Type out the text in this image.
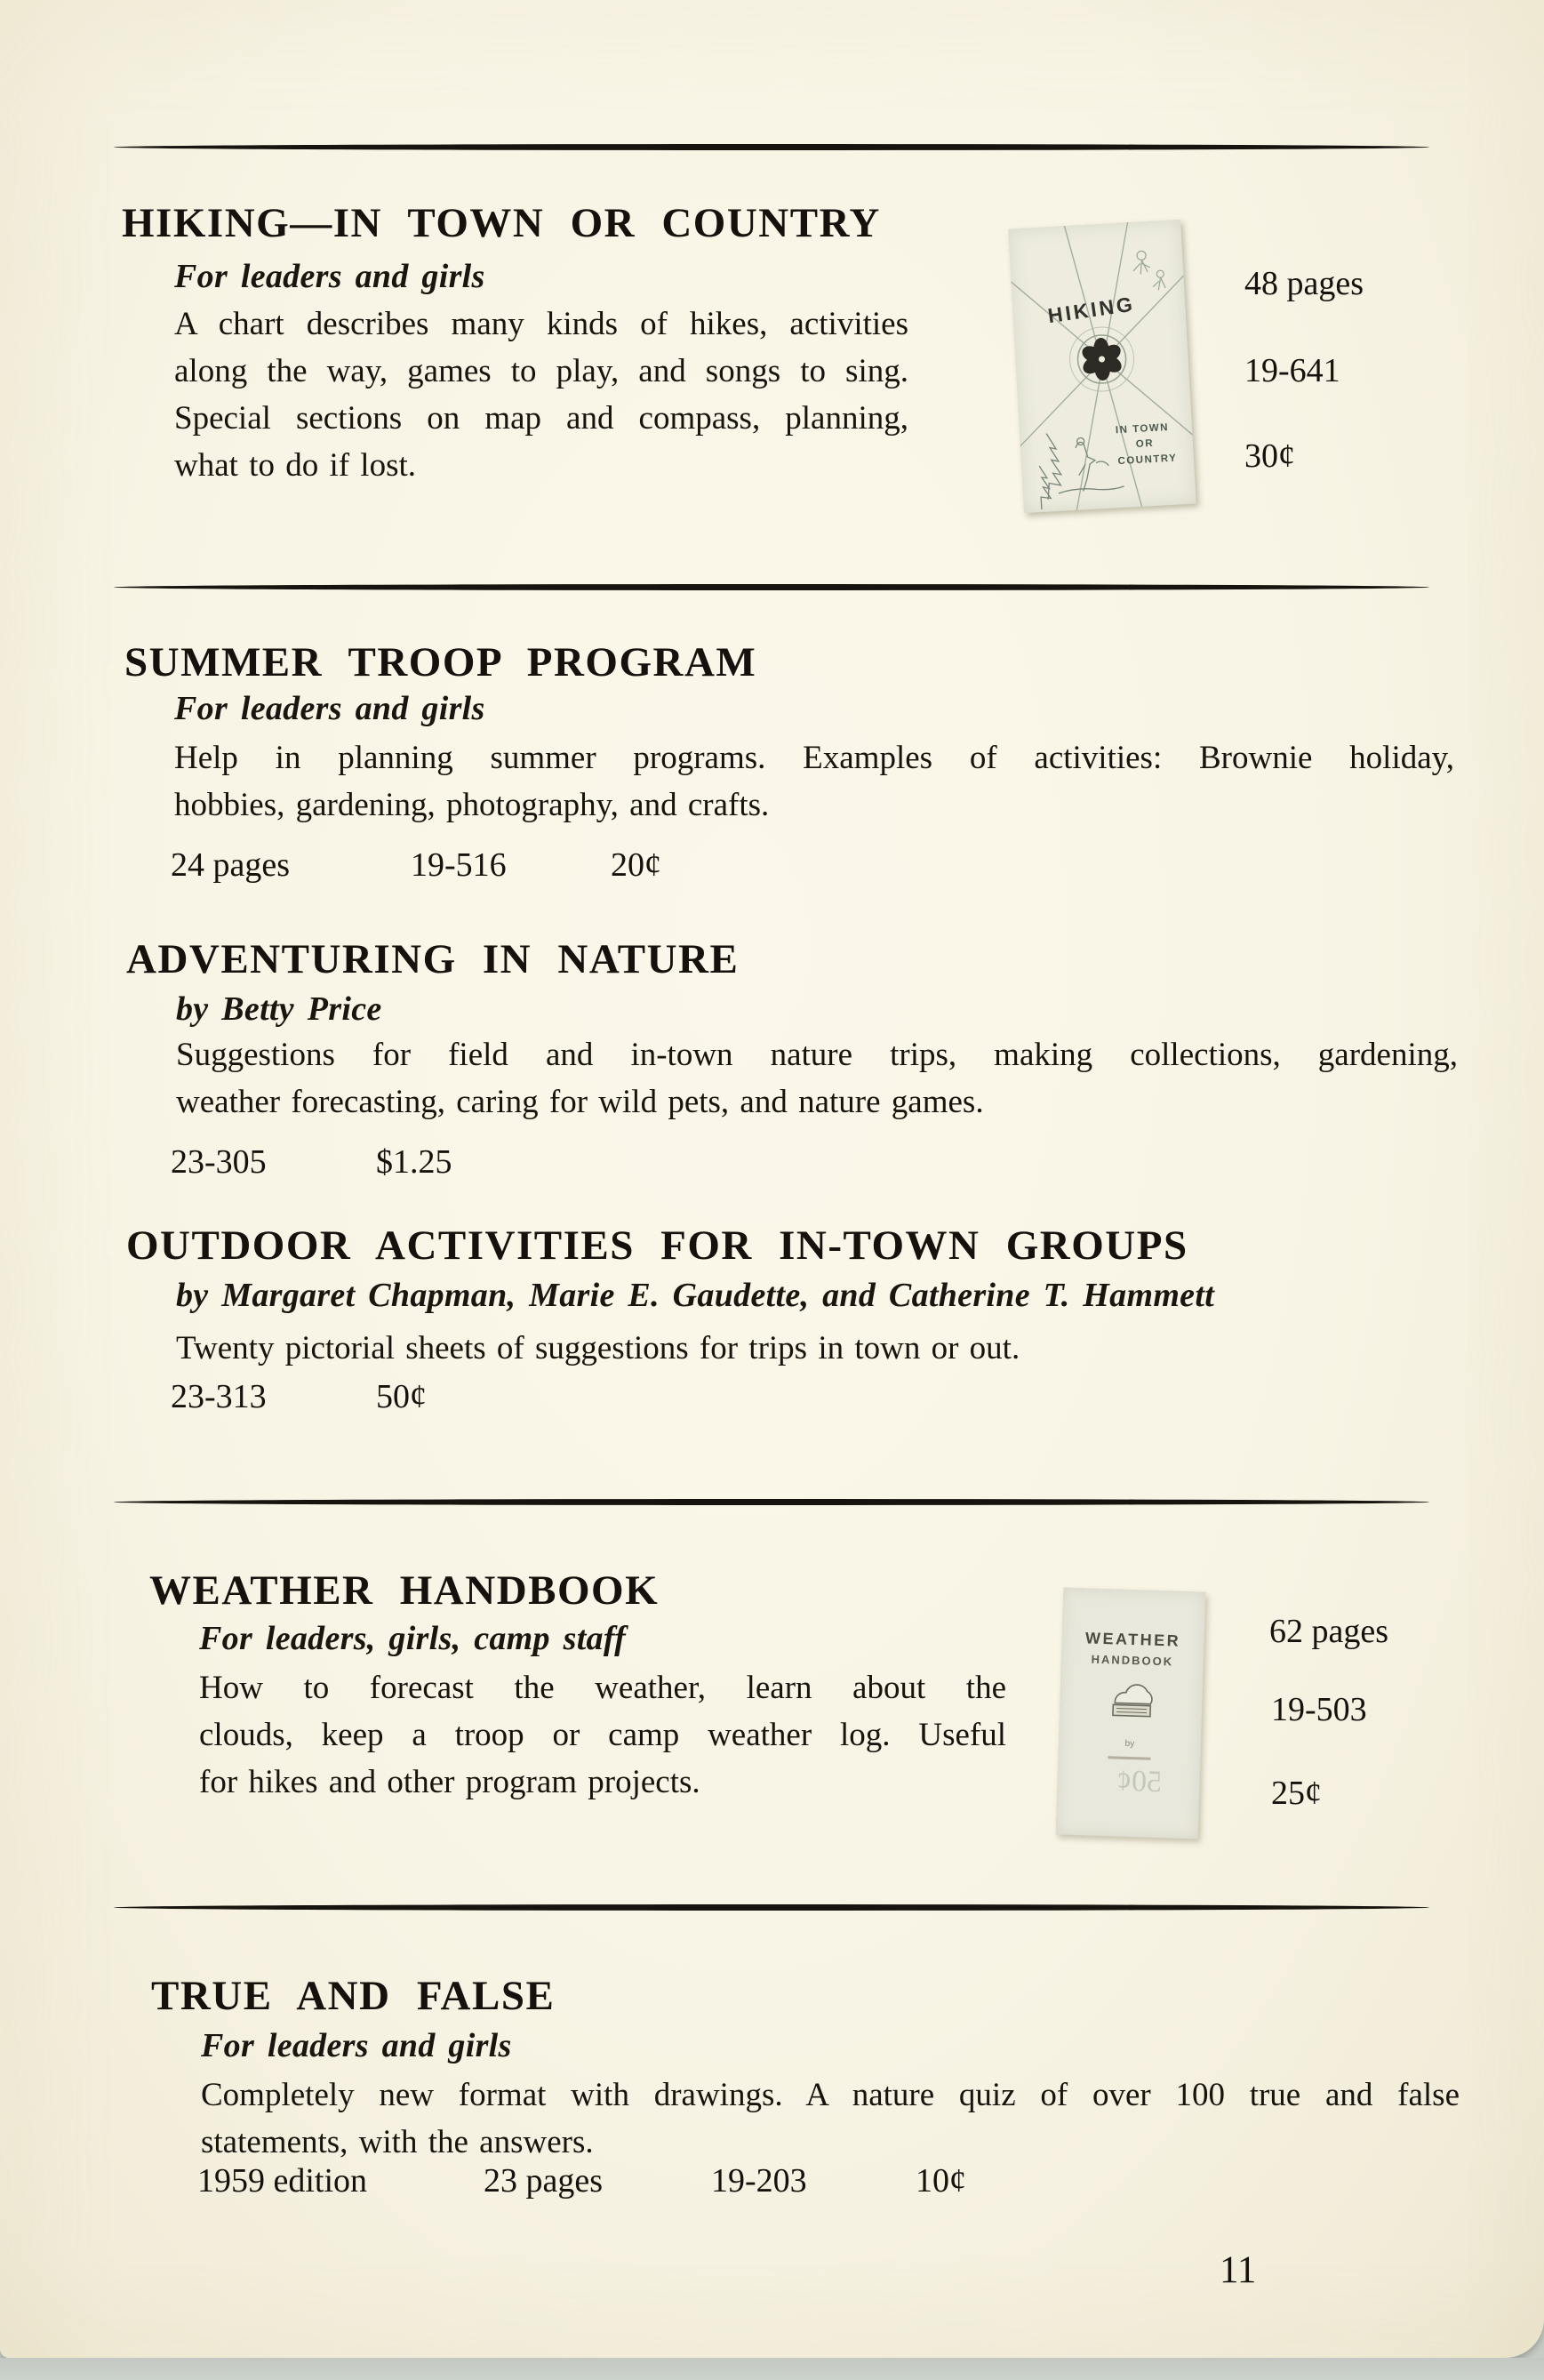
HIKING—IN TOWN OR COUNTRY
For leaders and girls
A chart describes many kinds of hikes, activities
along the way, games to play, and songs to sing.
Special sections on map and compass, planning,
what to do if lost.
HIKING
IN TOWN
OR
COUNTRY
48 pages
19-641
30¢
SUMMER TROOP PROGRAM
For leaders and girls
Help in planning summer programs. Examples of activities: Brownie holiday,
hobbies, gardening, photography, and crafts.
24 pages	19-516	20¢
ADVENTURING IN NATURE
by Betty Price
Suggestions for field and in-town nature trips, making collections, gardening,
weather forecasting, caring for wild pets, and nature games.
23-305	$1.25
OUTDOOR ACTIVITIES FOR IN-TOWN GROUPS
by Margaret Chapman, Marie E. Gaudette, and Catherine T. Hammett
Twenty pictorial sheets of suggestions for trips in town or out.
23-313	50¢
WEATHER HANDBOOK
For leaders, girls, camp staff
How to forecast the weather, learn about the
clouds, keep a troop or camp weather log. Useful
for hikes and other program projects.
WEATHER
HANDBOOK
by
50¢
62 pages
19-503
25¢
TRUE AND FALSE
For leaders and girls
Completely new format with drawings. A nature quiz of over 100 true and false
statements, with the answers.
1959 edition	23 pages	19-203	10¢
11
